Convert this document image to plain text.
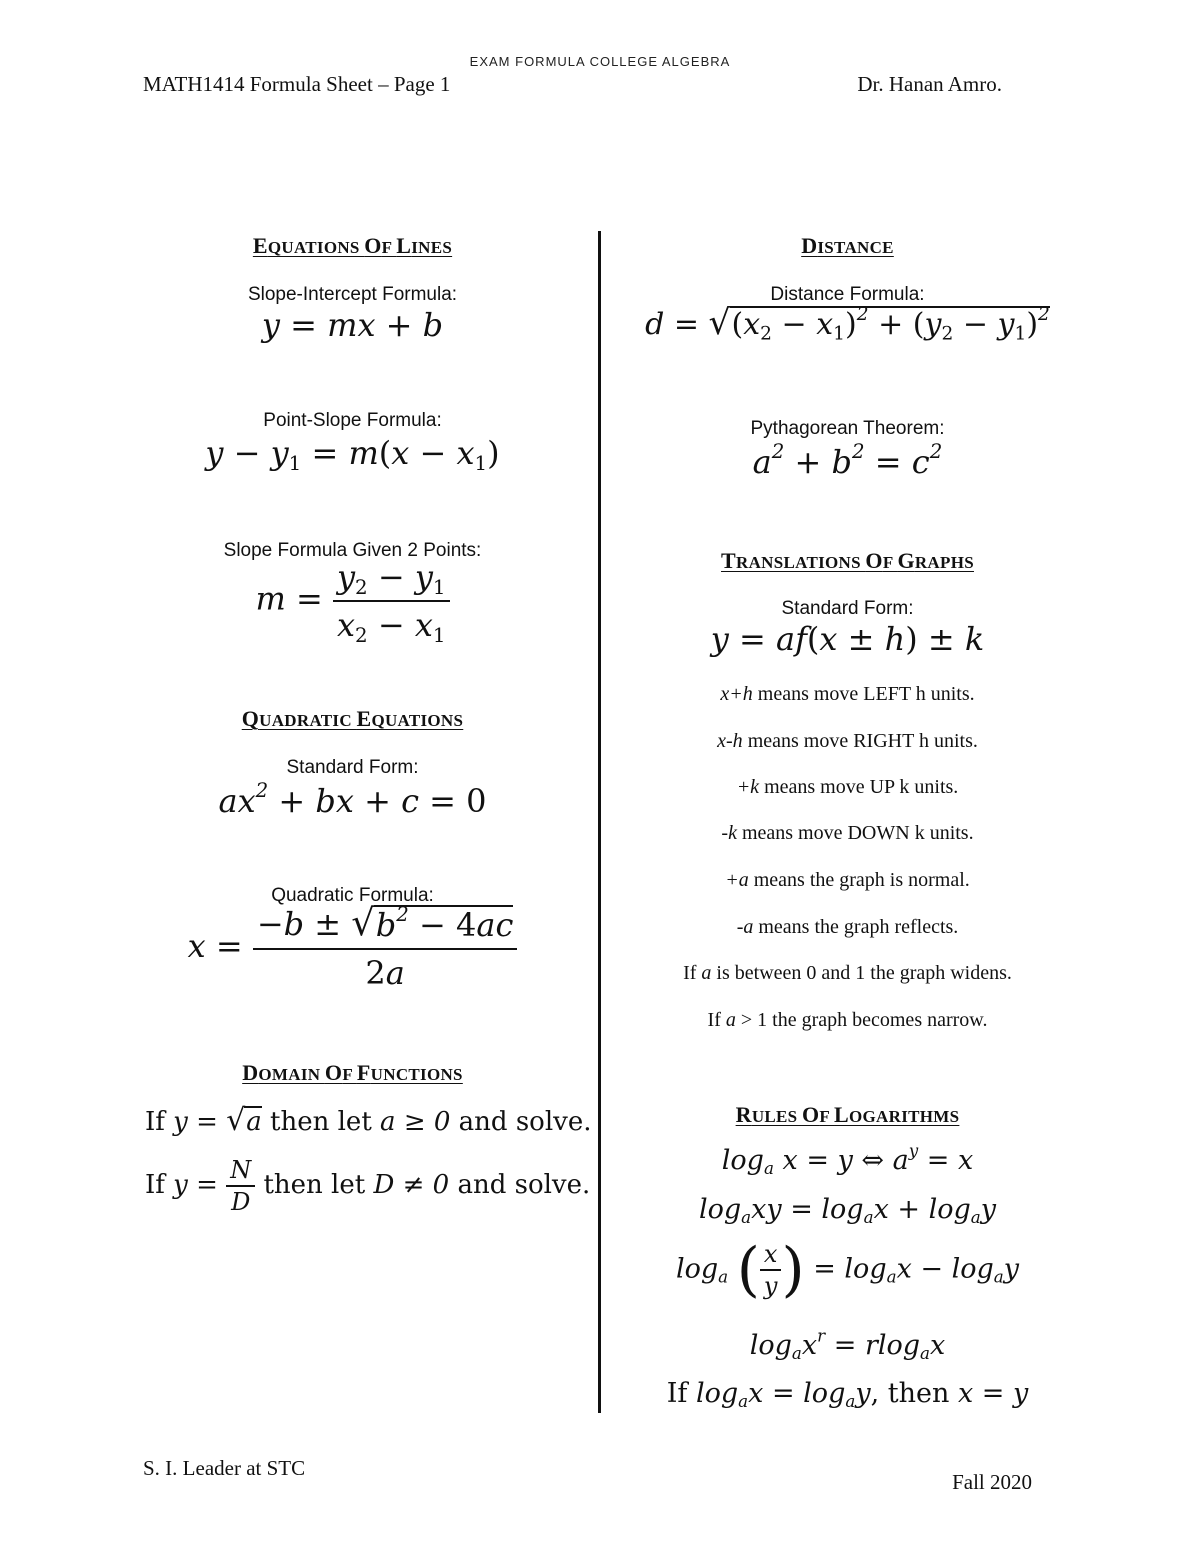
EXAM FORMULA COLLEGE ALGEBRA
MATH1414 Formula Sheet – Page 1	Dr. Hanan Amro.
EQUATIONS OF LINES
Slope-Intercept Formula:
y = mx + b
Point-Slope Formula:
$y - y_1 = m(x - x_1)$
Slope Formula Given 2 Points:
$m = \frac{y_2 - y_1}{x_2 - x_1}$
QUADRATIC EQUATIONS
Standard Form:
$ax^2$ + bx + c = 0
Quadratic Formula:
$x = \frac{-b \pm √ b^2 - 4ac}{2a}$
DOMAIN OF FUNCTIONS
If y = √ a then let a ≥ 0 and solve.
If $y = \frac{N}{D}$ then let D ≠ 0 and solve.
DISTANCE
Distance Formula:
d = √ $(x_2 - x_1)^2 + (y_2 - y_1)^2$
Pythagorean Theorem:
$a^2 + b^2 = c^2$
TRANSLATIONS OF GRAPHS
Standard Form:
y = af(x ± h) ± k
x+h means move LEFT h units.
x-h means move RIGHT h units.
+k means move UP k units.
-k means move DOWN k units.
+a means the graph is normal.
-a means the graph reflects.
If a is between 0 and 1 the graph widens.
If a > 1 the graph becomes narrow.
RULES OF LOGARITHMS
$\log_a x = y$ ⇔ $a^y = x$
$\log_axy = \log_ax + \log_ay$
$\log_a$ ( $\frac{x}{y}$ ) = $\log_ax - \log_ay$
$\log_ax^r = rlog_ax$
If $\log_ax = \log_ay$, then x = y
S. I. Leader at STC
Fall 2020
